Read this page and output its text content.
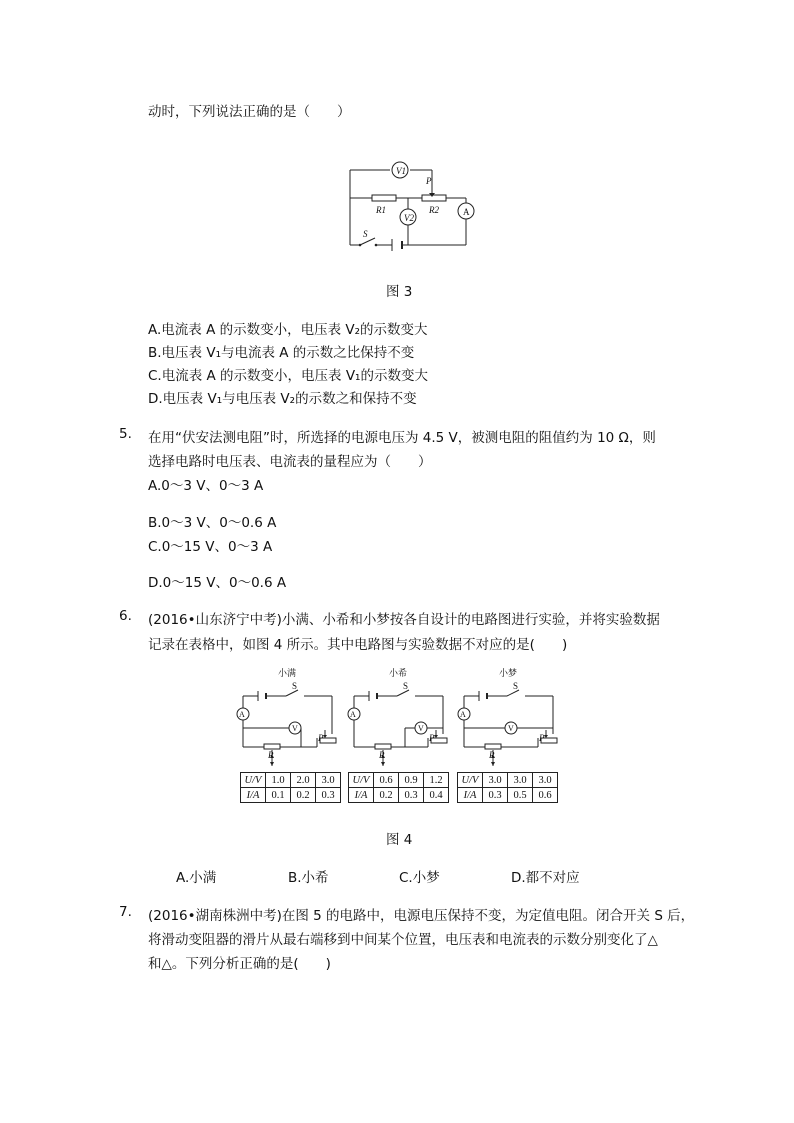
动时，下列说法正确的是（　　）
V1
V2
A
P
R1	R2
S
图 3
A.电流表 A 的示数变小，电压表 V₂的示数变大
B.电压表 V₁与电流表 A 的示数之比保持不变
C.电流表 A 的示数变小，电压表 V₁的示数变大
D.电压表 V₁与电压表 V₂的示数之和保持不变
5. 在用“伏安法测电阻”时，所选择的电源电压为 4.5 V，被测电阻的阻值约为 10 Ω，则
选择电路时电压表、电流表的量程应为（　　）
A.0～3 V、0～3 A
B.0～3 V、0～0.6 A
C.0～15 V、0～3 A
D.0～15 V、0～0.6 A
6. (2016•山东济宁中考)小满、小希和小梦按各自设计的电路图进行实验，并将实验数据
记录在表格中，如图 4 所示。其中电路图与实验数据不对应的是(　　)
小满
A
V
S
R
P
小希
A
V
S
R
P
小梦
A
V
S
R
P
U/V	1.0	2.0	3.0
I/A	0.1	0.2	0.3
U/V	0.6	0.9	1.2
I/A	0.2	0.3	0.4
U/V	3.0	3.0	3.0
I/A	0.3	0.5	0.6
图 4
A.小满	B.小希	C.小梦	D.都不对应
7. (2016•湖南株洲中考)在图 5 的电路中，电源电压保持不变，为定值电阻。闭合开关 S 后，
将滑动变阻器的滑片从最右端移到中间某个位置，电压表和电流表的示数分别变化了△
和△。下列分析正确的是(　　)
